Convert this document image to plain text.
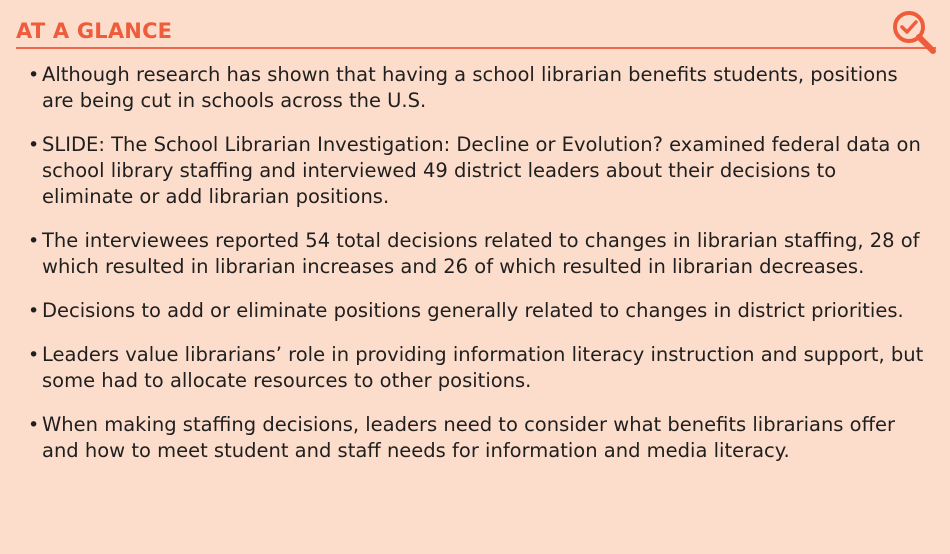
AT A GLANCE
• Although research has shown that having a school librarian benefits students, positions are being cut in schools across the U.S.
• SLIDE: The School Librarian Investigation: Decline or Evolution? examined federal data on school library staffing and interviewed 49 district leaders about their decisions to eliminate or add librarian positions.
• The interviewees reported 54 total decisions related to changes in librarian staffing, 28 of which resulted in librarian increases and 26 of which resulted in librarian decreases.
• Decisions to add or eliminate positions generally related to changes in district priorities.
• Leaders value librarians’ role in providing information literacy instruction and support, but some had to allocate resources to other positions.
• When making staffing decisions, leaders need to consider what benefits librarians offer and how to meet student and staff needs for information and media literacy.
